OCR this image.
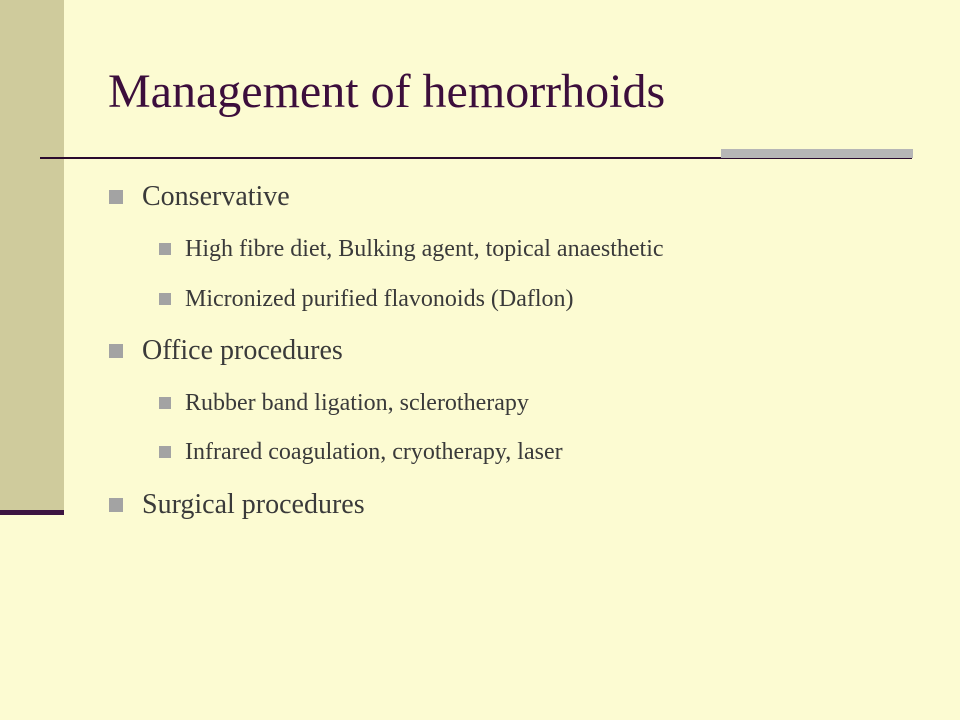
Management of hemorrhoids
Conservative
High fibre diet, Bulking agent, topical anaesthetic
Micronized purified flavonoids (Daflon)
Office procedures
Rubber band ligation, sclerotherapy
Infrared coagulation, cryotherapy, laser
Surgical procedures
